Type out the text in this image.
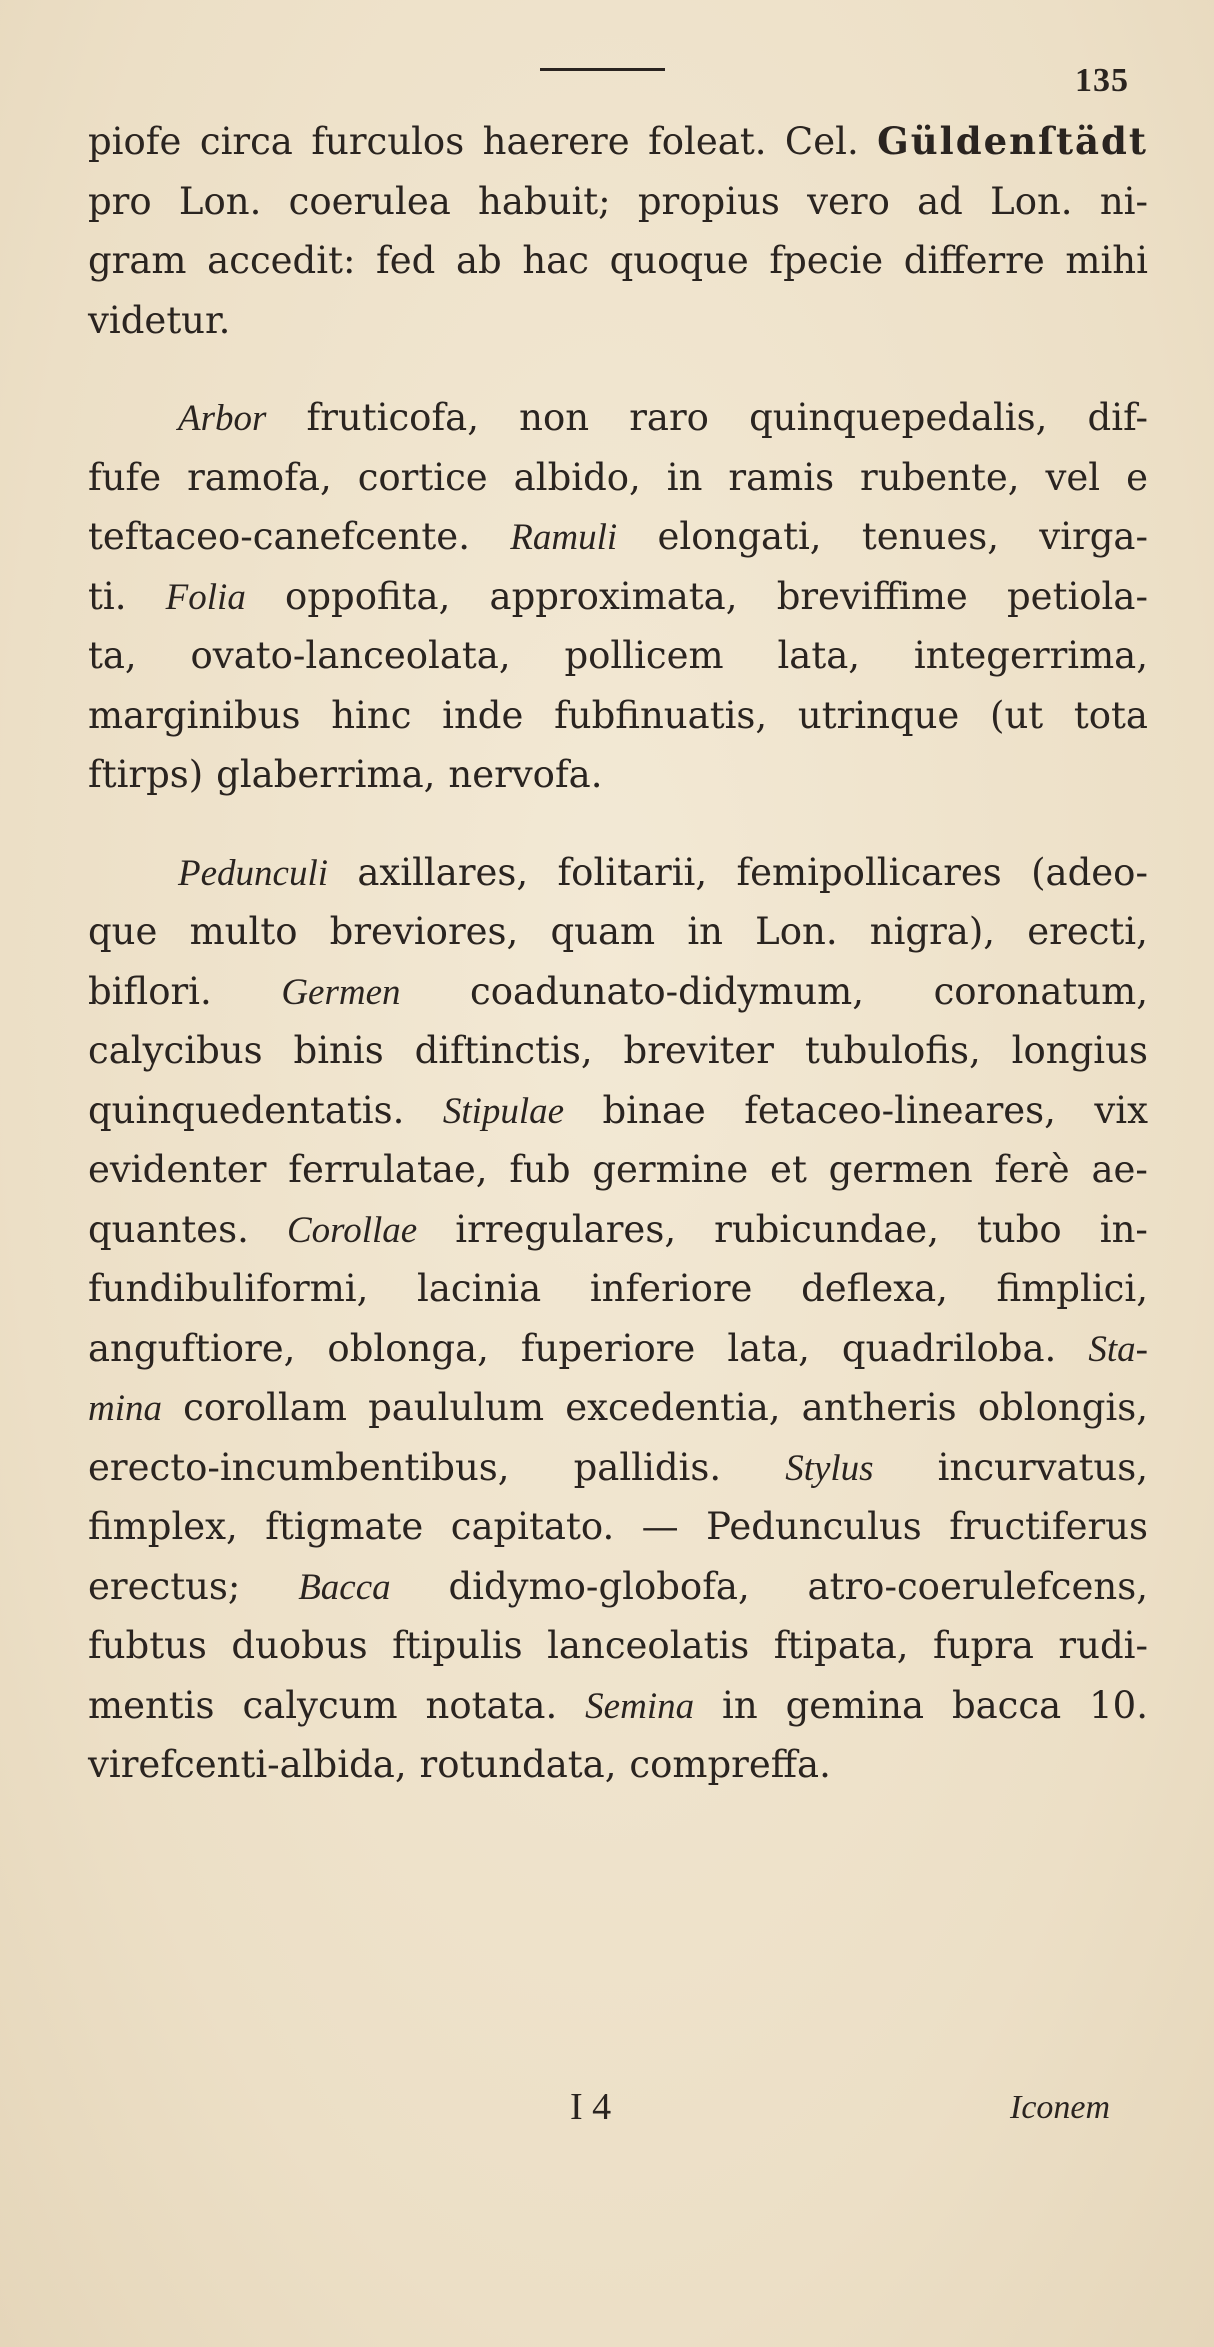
135
piofe circa furculos haerere foleat. Cel. Güldenſtädt
pro Lon. coerulea habuit; propius vero ad Lon. ni-
gram accedit: fed ab hac quoque fpecie differre mihi
videtur.
Arbor fruticofa, non raro quinquepedalis, dif-
fufe ramofa, cortice albido, in ramis rubente, vel e
teftaceo-canefcente. Ramuli elongati, tenues, virga-
ti. Folia oppofita, approximata, breviffime petiola-
ta, ovato-lanceolata, pollicem lata, integerrima,
marginibus hinc inde fubfinuatis, utrinque (ut tota
ftirps) glaberrima, nervofa.
Pedunculi axillares, folitarii, femipollicares (adeo-
que multo breviores, quam in Lon. nigra), erecti,
biflori. Germen coadunato-didymum, coronatum,
calycibus binis diftinctis, breviter tubulofis, longius
quinquedentatis. Stipulae binae fetaceo-lineares, vix
evidenter ferrulatae, fub germine et germen ferè ae-
quantes. Corollae irregulares, rubicundae, tubo in-
fundibuliformi, lacinia inferiore deflexa, fimplici,
anguftiore, oblonga, fuperiore lata, quadriloba. Sta-
mina corollam paululum excedentia, antheris oblongis,
erecto-incumbentibus, pallidis. Stylus incurvatus,
fimplex, ftigmate capitato. — Pedunculus fructiferus
erectus; Bacca didymo-globofa, atro-coerulefcens,
fubtus duobus ftipulis lanceolatis ftipata, fupra rudi-
mentis calycum notata. Semina in gemina bacca 10.
virefcenti-albida, rotundata, compreffa.
I 4	Iconem
